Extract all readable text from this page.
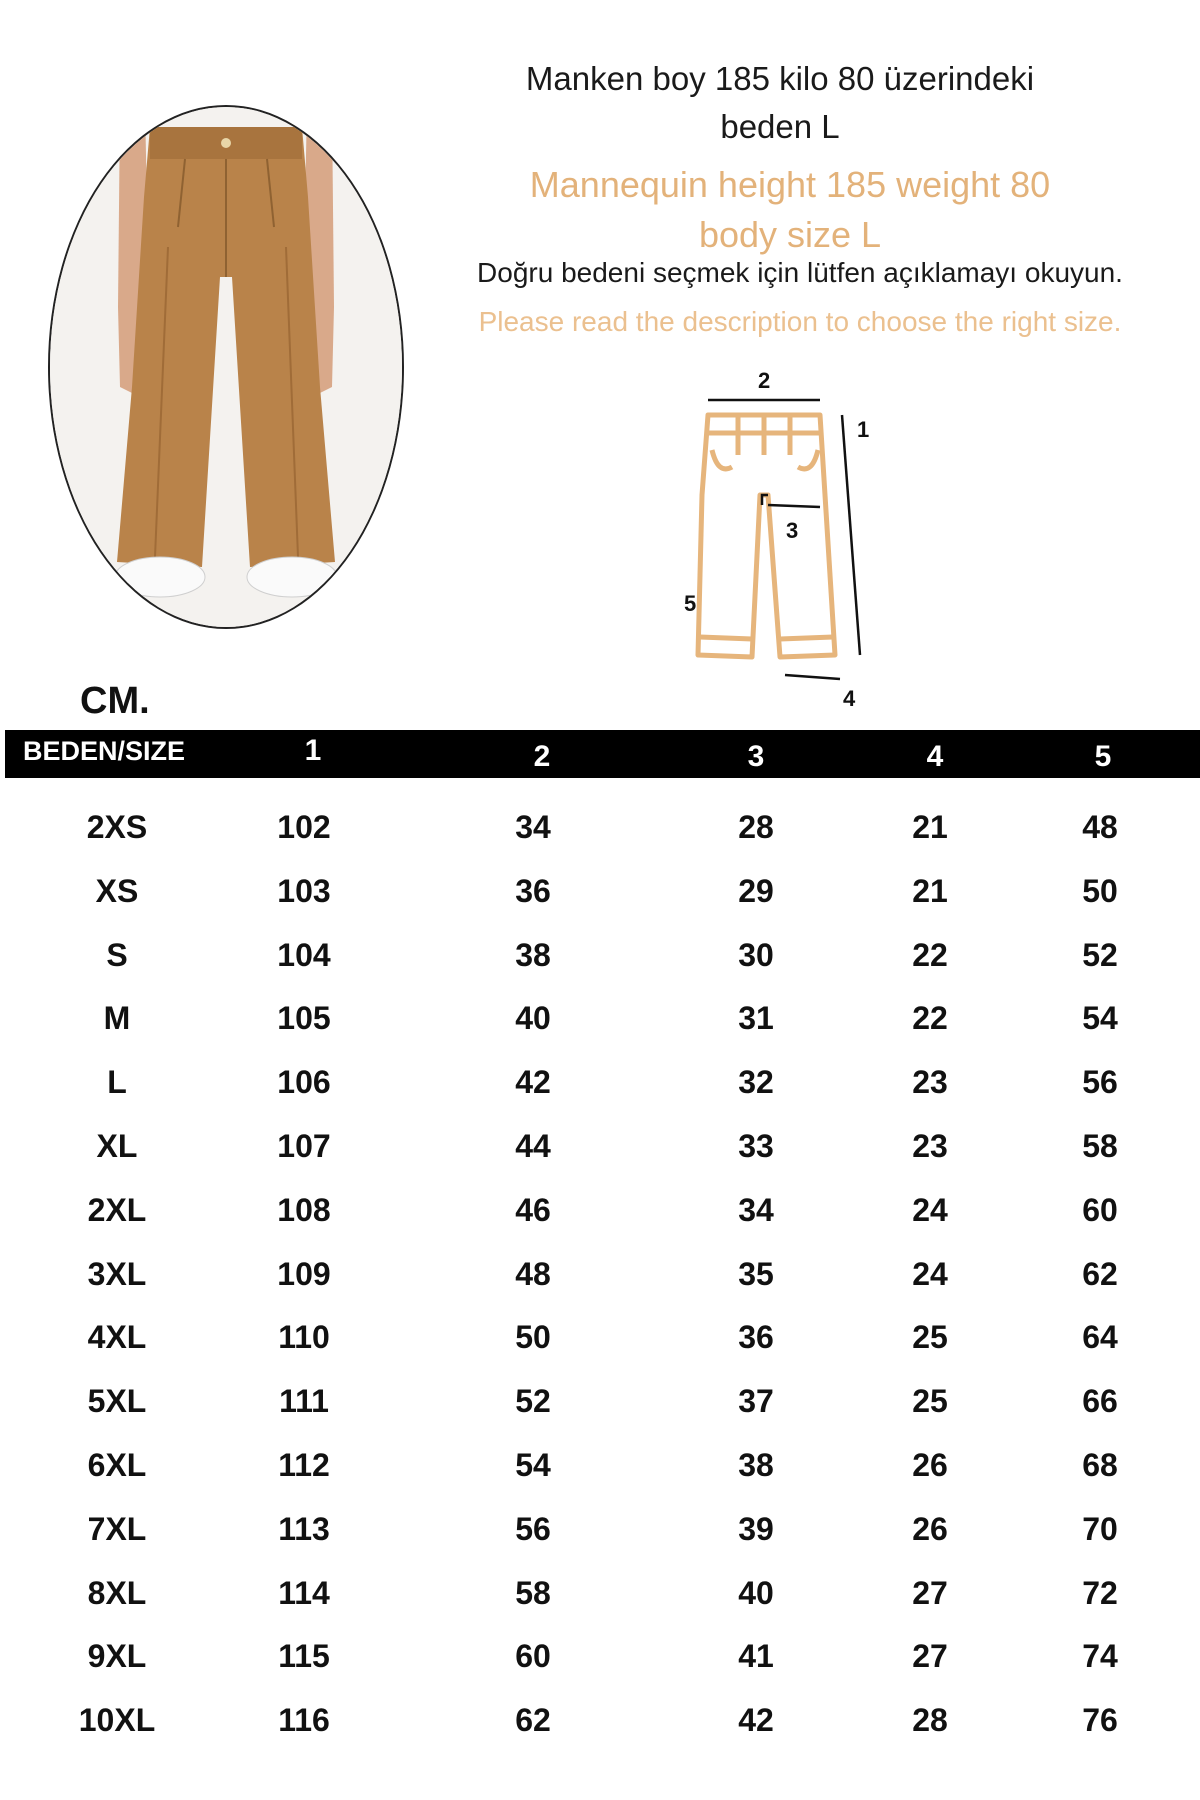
Manken boy 185 kilo 80 üzerindeki
beden L
Mannequin height 185 weight 80
body size L
Doğru bedeni seçmek için lütfen açıklamayı okuyun.
Please read the description to choose the right size.
2
1
3
5
4
CM.
BEDEN/SIZE	1	2	3	4	5
2XS	102	34	28	21	48
XS	103	36	29	21	50
S	104	38	30	22	52
M	105	40	31	22	54
L	106	42	32	23	56
XL	107	44	33	23	58
2XL	108	46	34	24	60
3XL	109	48	35	24	62
4XL	110	50	36	25	64
5XL	111	52	37	25	66
6XL	112	54	38	26	68
7XL	113	56	39	26	70
8XL	114	58	40	27	72
9XL	115	60	41	27	74
10XL	116	62	42	28	76
